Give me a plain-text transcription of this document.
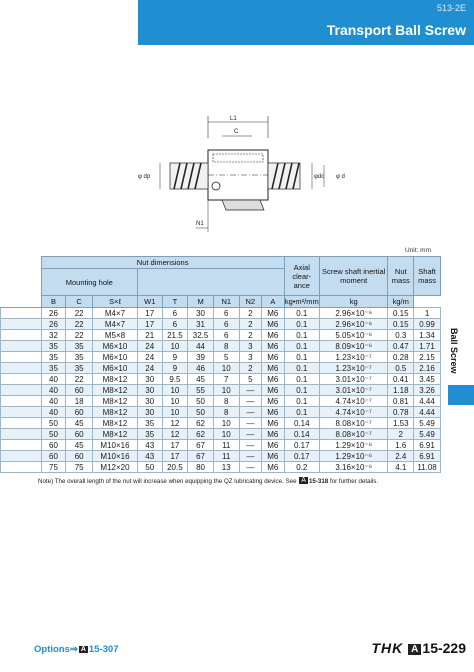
513-2E
Transport Ball Screw
L1
C
φ dp	φdc φ d
N1
Unit: mm
	Nut dimensions									Axial clear-ance	Screw shaft inertial moment	Nut mass	Shaft mass
	Mounting hole												
	B	C	S×ℓ	W1	T	M	N1	N2	A	kg•m²/mm	kg	kg/m	
	26	22	M4×7	17	6	30	6	2	M6	0.1	2.96×10⁻⁶	0.15	1
	26	22	M4×7	17	6	31	6	2	M6	0.1	2.96×10⁻⁶	0.15	0.99
	32	22	M5×8	21	21.5	32.5	6	2	M6	0.1	5.05×10⁻⁶	0.3	1.34
	35	35	M6×10	24	10	44	8	3	M6	0.1	8.09×10⁻⁶	0.47	1.71
	35	35	M6×10	24	9	39	5	3	M6	0.1	1.23×10⁻⁷	0.28	2.15
	35	35	M6×10	24	9	46	10	2	M6	0.1	1.23×10⁻⁷	0.5	2.16
	40	22	M8×12	30	9.5	45	7	5	M6	0.1	3.01×10⁻⁷	0.41	3.45
	40	60	M8×12	30	10	55	10	—	M6	0.1	3.01×10⁻⁷	1.18	3.26
	40	18	M8×12	30	10	50	8	—	M6	0.1	4.74×10⁻⁷	0.81	4.44
	40	60	M8×12	30	10	50	8	—	M6	0.1	4.74×10⁻⁷	0.78	4.44
	50	45	M8×12	35	12	62	10	—	M6	0.14	8.08×10⁻⁷	1.53	5.49
	50	60	M8×12	35	12	62	10	—	M6	0.14	8.08×10⁻⁷	2	5.49
	60	45	M10×16	43	17	67	11	—	M6	0.17	1.29×10⁻⁶	1.6	6.91
	60	60	M10×16	43	17	67	11	—	M6	0.17	1.29×10⁻⁶	2.4	6.91
	75	75	M12×20	50	20.5	80	13	—	M6	0.2	3.16×10⁻⁶	4.1	11.08
Note) The overall length of the nut will increase when equipping the QZ lubricating device. See A 15-318 for further details.
Ball Screw
Options⇒ A 15-307	THK A 15-229
